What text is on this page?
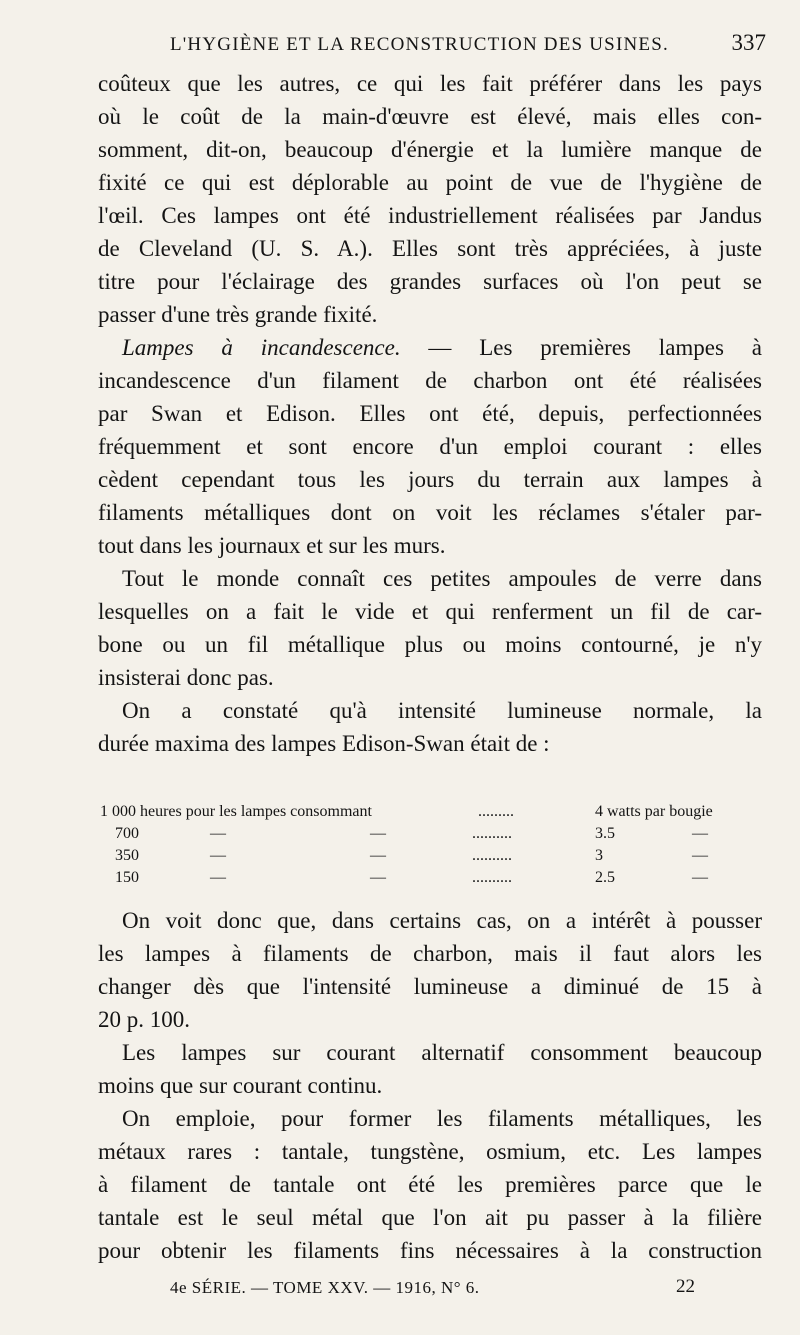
L'HYGIÈNE ET LA RECONSTRUCTION DES USINES.	337
coûteux que les autres, ce qui les fait préférer dans les pays
où le coût de la main-d'œuvre est élevé, mais elles con-
somment, dit-on, beaucoup d'énergie et la lumière manque de
fixité ce qui est déplorable au point de vue de l'hygiène de
l'œil. Ces lampes ont été industriellement réalisées par Jandus
de Cleveland (U. S. A.). Elles sont très appréciées, à juste
titre pour l'éclairage des grandes surfaces où l'on peut se
passer d'une très grande fixité.
Lampes à incandescence. — Les premières lampes à
incandescence d'un filament de charbon ont été réalisées
par Swan et Edison. Elles ont été, depuis, perfectionnées
fréquemment et sont encore d'un emploi courant : elles
cèdent cependant tous les jours du terrain aux lampes à
filaments métalliques dont on voit les réclames s'étaler par-
tout dans les journaux et sur les murs.
Tout le monde connaît ces petites ampoules de verre dans
lesquelles on a fait le vide et qui renferment un fil de car-
bone ou un fil métallique plus ou moins contourné, je n'y
insisterai donc pas.
On a constaté qu'à intensité lumineuse normale, la
durée maxima des lampes Edison-Swan était de :
1 000 heures pour les lampes consommant	.........	4 watts par bougie
700	—	—	..........	3.5	—
350	—	—	..........	3	—
150	—	—	..........	2.5	—
On voit donc que, dans certains cas, on a intérêt à pousser
les lampes à filaments de charbon, mais il faut alors les
changer dès que l'intensité lumineuse a diminué de 15 à
20 p. 100.
Les lampes sur courant alternatif consomment beaucoup
moins que sur courant continu.
On emploie, pour former les filaments métalliques, les
métaux rares : tantale, tungstène, osmium, etc. Les lampes
à filament de tantale ont été les premières parce que le
tantale est le seul métal que l'on ait pu passer à la filière
pour obtenir les filaments fins nécessaires à la construction
4e SÉRIE. — TOME XXV. — 1916, N° 6.	22
